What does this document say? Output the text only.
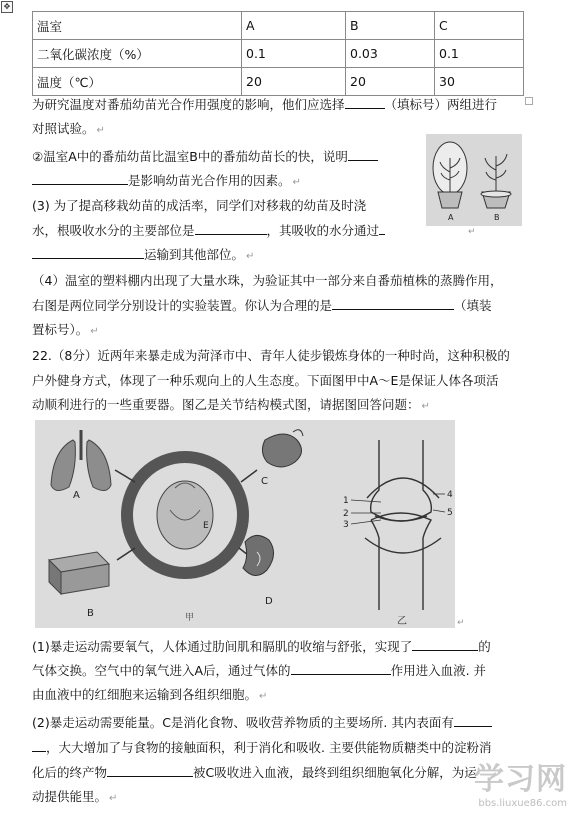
✥
温室	A	B	C
二氧化碳浓度（%）	0.1	0.03	0.1
温度（℃）	20	20	30
为研究温度对番茄幼苗光合作用强度的影响，他们应选择	（填标号）两组进行
对照试验。 ↵
②温室A中的番茄幼苗比温室B中的番茄幼苗长的快，说明
是影响幼苗光合作用的因素。 ↵
(3) 为了提高移栽幼苗的成活率，同学们对移栽的幼苗及时浇
水，根吸收水分的主要部位是	，其吸收的水分通过
运输到其他部位。 ↵
（4）温室的塑料棚内出现了大量水珠，为验证其中一部分来自番茄植株的蒸腾作用，
右图是两位同学分别设计的实验装置。你认为合理的是	（填装
置标号）。 ↵
22.（8分）近两年来暴走成为菏泽市中、青年人徒步锻炼身体的一种时尚，这种积极的
户外健身方式，体现了一种乐观向上的人生态度。下面图甲中A～E是保证人体各项活
动顺利进行的一些重要器。图乙是关节结构模式图，请据图回答问题： ↵
(1)暴走运动需要氧气，人体通过肋间肌和膈肌的收缩与舒张，实现了	的
气体交换。空气中的氧气进入A后，通过气体的	作用进入血液. 并
由血液中的红细胞来运输到各组织细胞。 ↵
(2)暴走运动需要能量。C是消化食物、吸收营养物质的主要场所. 其内表面有
，大大增加了与食物的接触面积，利于消化和吸收. 主要供能物质糖类中的淀粉消
化后的终产物	被C吸收进入血液，最终到组织细胞氧化分解，为运
动提供能里。 ↵
A	B
↵
A
B
E
C
D
甲
1
2
3
4
5
乙	↵
学习网
bbs.liuxue86.com
